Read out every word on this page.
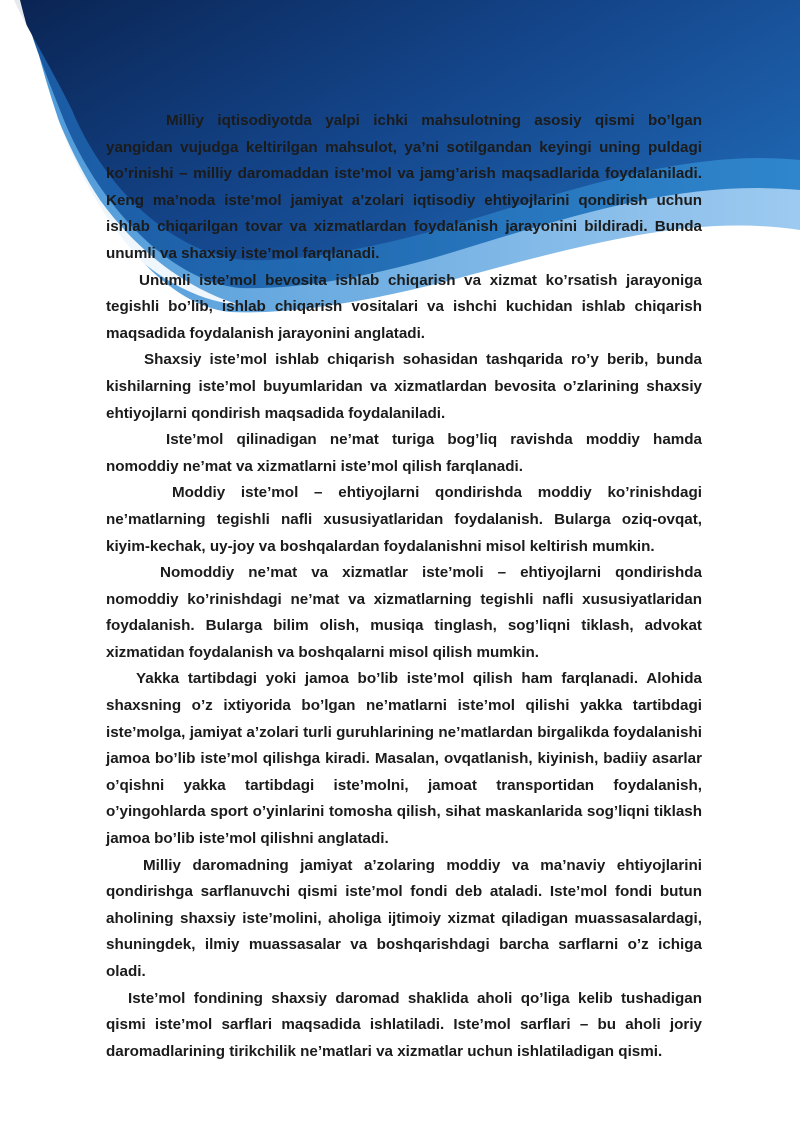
Milliy iqtisodiyotda yalpi ichki mahsulotning asosiy qismi bo’lgan yangidan vujudga keltirilgan mahsulot, ya’ni sotilgandan keyingi uning puldagi ko’rinishi – milliy daromaddan iste’mol va jamg’arish maqsadlarida foydalaniladi. Keng ma’noda iste’mol jamiyat a’zolari iqtisodiy ehtiyojlarini qondirish uchun ishlab chiqarilgan tovar va xizmatlardan foydalanish jarayonini bildiradi. Bunda unumli va shaxsiy iste’mol farqlanadi.

Unumli iste’mol bevosita ishlab chiqarish va xizmat ko’rsatish jarayoniga tegishli bo’lib, ishlab chiqarish vositalari va ishchi kuchidan ishlab chiqarish maqsadida foydalanish jarayonini anglatadi.

Shaxsiy iste’mol ishlab chiqarish sohasidan tashqarida ro’y berib, bunda kishilarning iste’mol buyumlaridan va xizmatlardan bevosita o’zlarining shaxsiy ehtiyojlarni qondirish maqsadida foydalaniladi.

Iste’mol qilinadigan ne’mat turiga bog’liq ravishda moddiy hamda nomoddiy ne’mat va xizmatlarni iste’mol qilish farqlanadi.

Moddiy iste’mol – ehtiyojlarni qondirishda moddiy ko’rinishdagi ne’matlarning tegishli nafli xususiyatlaridan foydalanish. Bularga oziq-ovqat, kiyim-kechak, uy-joy va boshqalardan foydalanishni misol keltirish mumkin.

Nomoddiy ne’mat va xizmatlar iste’moli – ehtiyojlarni qondirishda nomoddiy ko’rinishdagi ne’mat va xizmatlarning tegishli nafli xususiyatlaridan foydalanish. Bularga bilim olish, musiqa tinglash, sog’liqni tiklash, advokat xizmatidan foydalanish va boshqalarni misol qilish mumkin.

Yakka tartibdagi yoki jamoa bo’lib iste’mol qilish ham farqlanadi. Alohida shaxsning o’z ixtiyorida bo’lgan ne’matlarni iste’mol qilishi yakka tartibdagi iste’molga, jamiyat a’zolari turli guruhlarining ne’matlardan birgalikda foydalanishi jamoa bo’lib iste’mol qilishga kiradi. Masalan, ovqatlanish, kiyinish, badiiy asarlar o’qishni yakka tartibdagi iste’molni, jamoat transportidan foydalanish, o’yingohlarda sport o’yinlarini tomosha qilish, sihat maskanlarida sog’liqni tiklash jamoa bo’lib iste’mol qilishni anglatadi.

Milliy daromadning jamiyat a’zolaring moddiy va ma’naviy ehtiyojlarini qondirishga sarflanuvchi qismi iste’mol fondi deb ataladi. Iste’mol fondi butun aholining shaxsiy iste’molini, aholiga ijtimoiy xizmat qiladigan muassasalardagi, shuningdek, ilmiy muassasalar va boshqarishdagi barcha sarflarni o’z ichiga oladi.

Iste’mol fondining shaxsiy daromad shaklida aholi qo’liga kelib tushadigan qismi iste’mol sarflari maqsadida ishlatiladi. Iste’mol sarflari – bu aholi joriy daromadlarining tirikchilik ne’matlari va xizmatlar uchun ishlatiladigan qismi.
